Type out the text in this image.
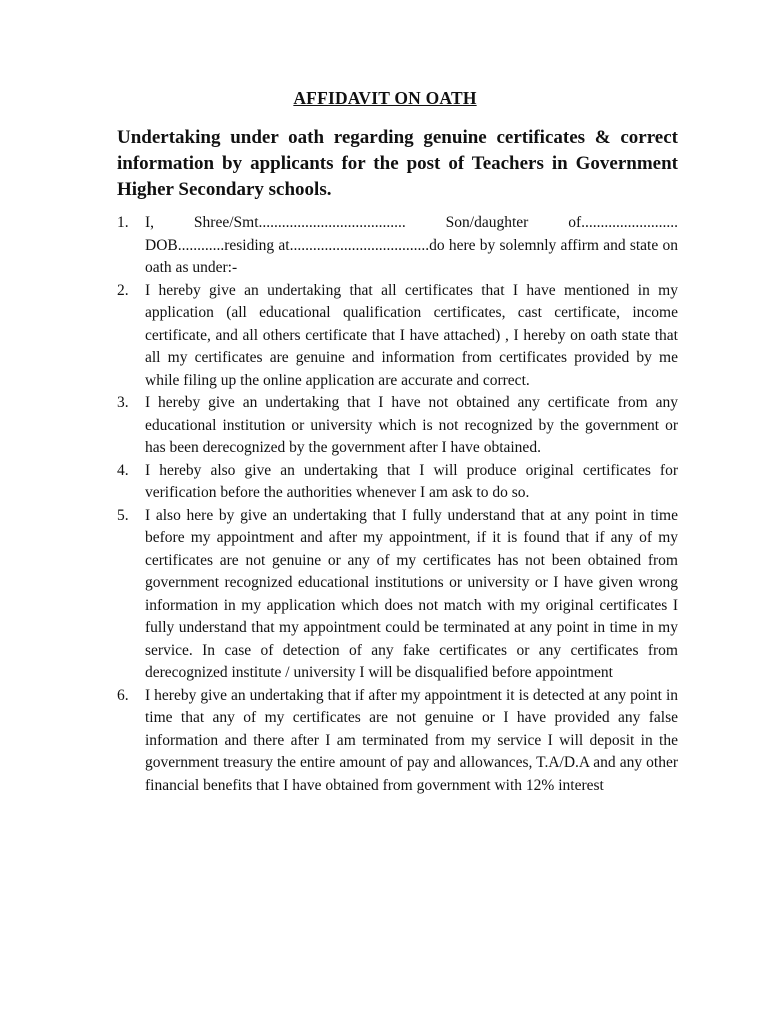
AFFIDAVIT ON OATH
Undertaking under oath regarding genuine certificates & correct information by applicants for the post of Teachers in Government Higher Secondary schools.
1. I, Shree/Smt...................................... Son/daughter of......................... DOB............residing at....................................do here by solemnly affirm and state on oath as under:-
2. I hereby give an undertaking that all certificates that I have mentioned in my application (all educational qualification certificates, cast certificate, income certificate, and all others certificate that I have attached) , I hereby on oath state that all my certificates are genuine and information from certificates provided by me while filing up the online application are accurate and correct.
3. I hereby give an undertaking that I have not obtained any certificate from any educational institution or university which is not recognized by the government or has been derecognized by the government after I have obtained.
4. I hereby also give an undertaking that I will produce original certificates for verification before the authorities whenever I am ask to do so.
5. I also here by give an undertaking that I fully understand that at any point in time before my appointment and after my appointment, if it is found that if any of my certificates are not genuine or any of my certificates has not been obtained from government recognized educational institutions or university or I have given wrong information in my application which does not match with my original certificates I fully understand that my appointment could be terminated at any point in time in my service. In case of detection of any fake certificates or any certificates from derecognized institute / university I will be disqualified before appointment
6. I hereby give an undertaking that if after my appointment it is detected at any point in time that any of my certificates are not genuine or I have provided any false information and there after I am terminated from my service I will deposit in the government treasury the entire amount of pay and allowances, T.A/D.A and any other financial benefits that I have obtained from government with 12% interest
